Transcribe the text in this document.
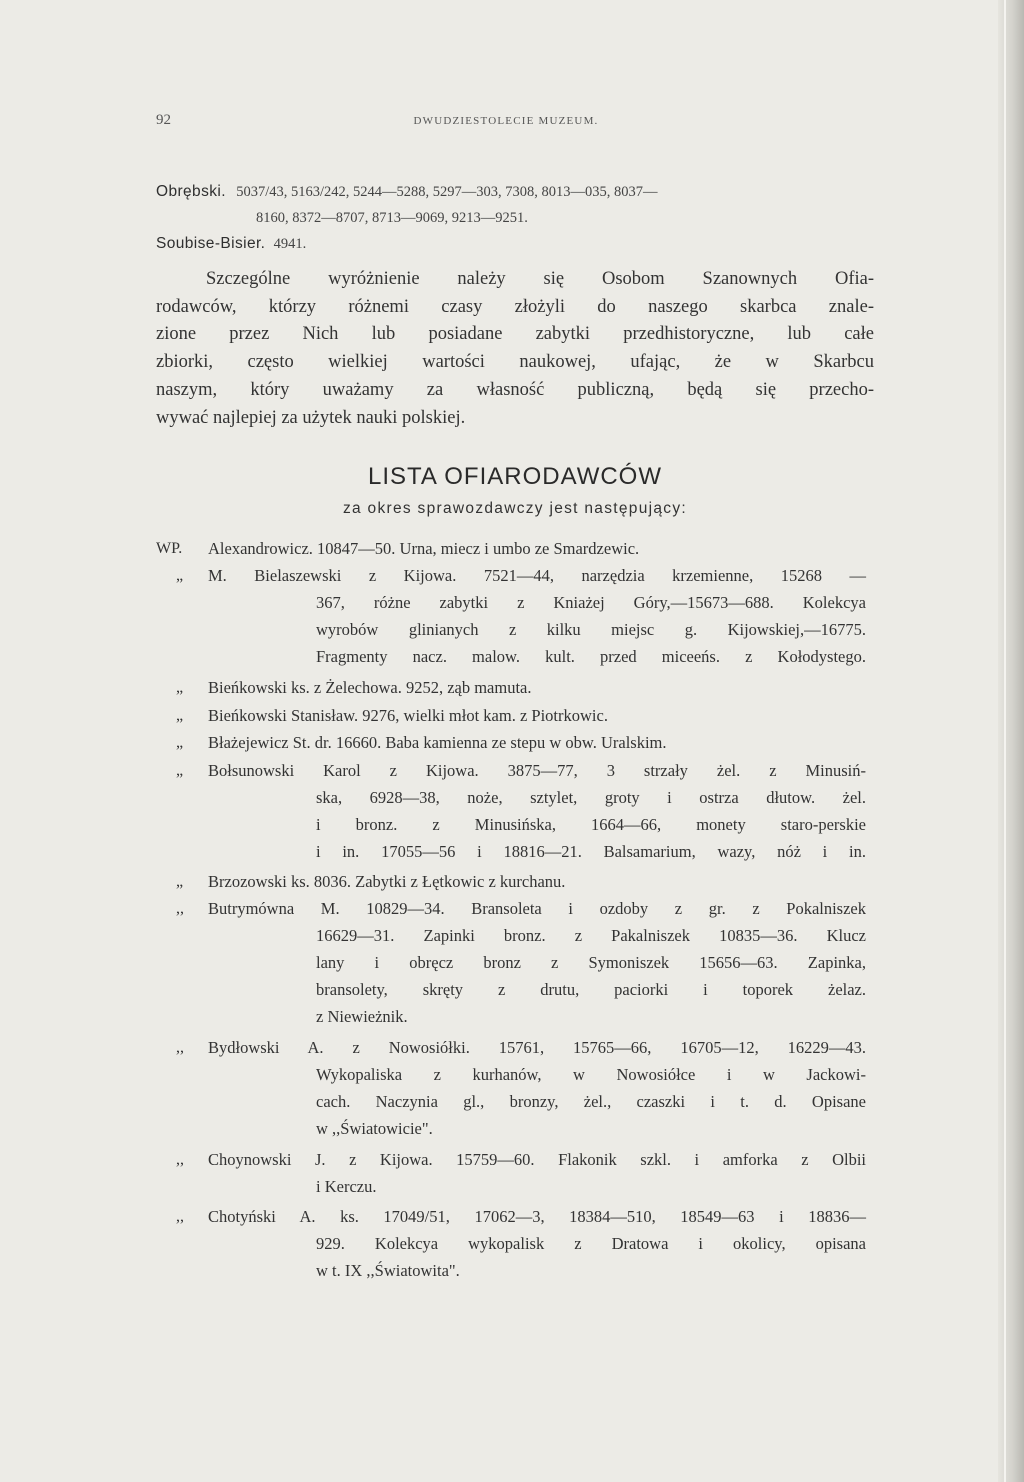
92	DWUDZIESTOLECIE MUZEUM.
Obrębski. 5037/43, 5163/242, 5244—5288, 5297—303, 7308, 8013—035, 8037—
8160, 8372—8707, 8713—9069, 9213—9251.
Soubise-Bisier. 4941.
Szczególne wyróżnienie należy się Osobom Szanownych Ofia-
rodawców, którzy różnemi czasy złożyli do naszego skarbca znale-
zione przez Nich lub posiadane zabytki przedhistoryczne, lub całe
zbiorki, często wielkiej wartości naukowej, ufając, że w Skarbcu
naszym, który uważamy za własność publiczną, będą się przecho-
wywać najlepiej za użytek nauki polskiej.
LISTA OFIARODAWCÓW
za okres sprawozdawczy jest następujący:
WP. Alexandrowicz. 10847—50. Urna, miecz i umbo ze Smardzewic.
„ M. Bielaszewski z Kijowa. 7521—44, narzędzia krzemienne, 15268 —
367, różne zabytki z Kniażej Góry,—15673—688. Kolekcya
wyrobów glinianych z kilku miejsc g. Kijowskiej,—16775.
Fragmenty nacz. malow. kult. przed miceeńs. z Kołodystego.
„ Bieńkowski ks. z Żelechowa. 9252, ząb mamuta.
„ Bieńkowski Stanisław. 9276, wielki młot kam. z Piotrkowic.
„ Błażejewicz St. dr. 16660. Baba kamienna ze stepu w obw. Uralskim.
„ Bołsunowski Karol z Kijowa. 3875—77, 3 strzały żel. z Minusiń-
ska, 6928—38, noże, sztylet, groty i ostrza dłutow. żel.
i bronz. z Minusińska, 1664—66, monety staro-perskie
i in. 17055—56 i 18816—21. Balsamarium, wazy, nóż i in.
„ Brzozowski ks. 8036. Zabytki z Łętkowic z kurchanu.
,, Butrymówna M. 10829—34. Bransoleta i ozdoby z gr. z Pokalniszek
16629—31. Zapinki bronz. z Pakalniszek 10835—36. Klucz
lany i obręcz bronz z Symoniszek 15656—63. Zapinka,
bransolety, skręty z drutu, paciorki i toporek żelaz.
z Niewieżnik.
,, Bydłowski A. z Nowosiółki. 15761, 15765—66, 16705—12, 16229—43.
Wykopaliska z kurhanów, w Nowosiółce i w Jackowi-
cach. Naczynia gl., bronzy, żel., czaszki i t. d. Opisane
w ,,Światowicie".
,, Choynowski J. z Kijowa. 15759—60. Flakonik szkl. i amforka z Olbii
i Kerczu.
,, Chotyński A. ks. 17049/51, 17062—3, 18384—510, 18549—63 i 18836—
929. Kolekcya wykopalisk z Dratowa i okolicy, opisana
w t. IX ,,Światowita".
